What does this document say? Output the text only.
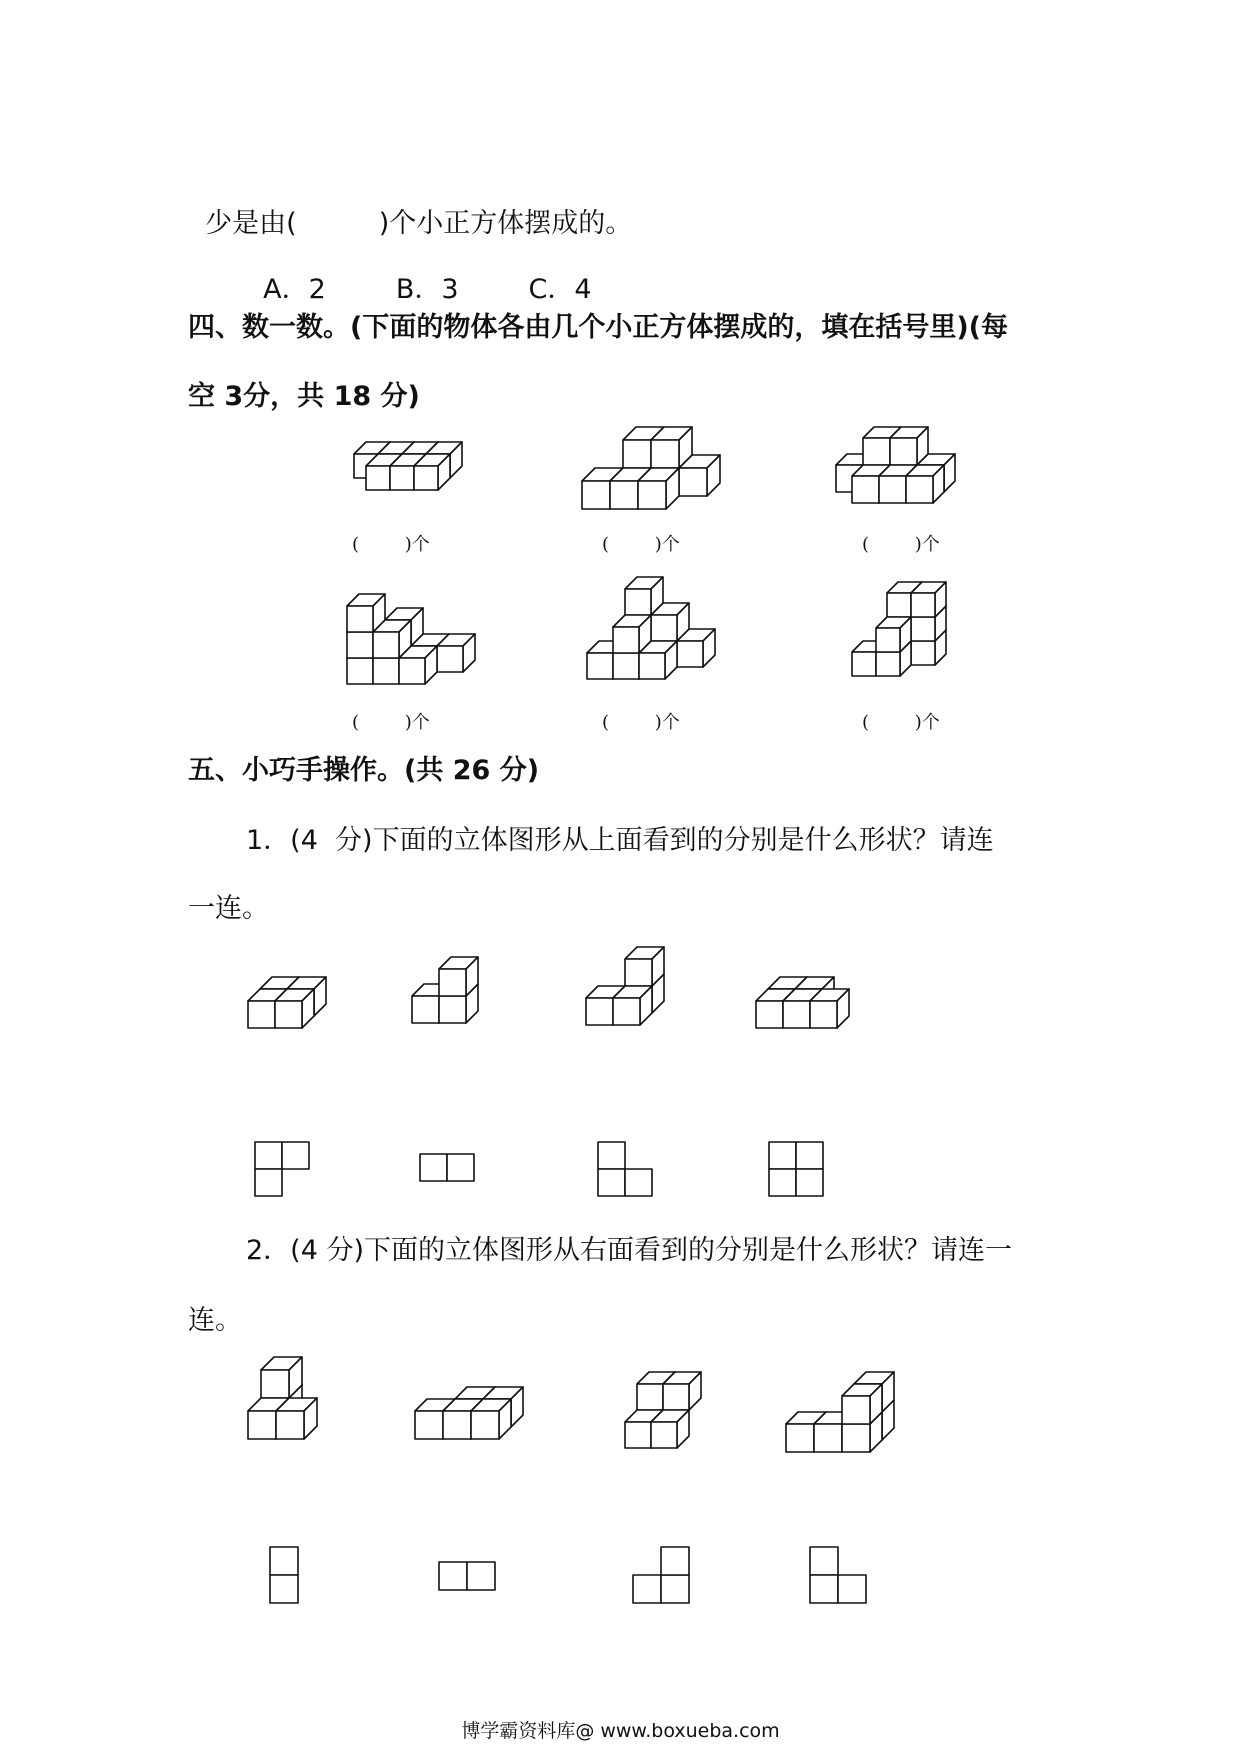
少是由(	)个小正方体摆成的。

A．2	B．3	C．4

四、数一数。(下面的物体各由几个小正方体摆成的，填在括号里)(每
空 3分，共 18 分)
(        )个	(        )个	(        )个
(        )个	(        )个	(        )个
五、小巧手操作。(共 26 分)
1．(4  分)下面的立体图形从上面看到的分别是什么形状？请连
一连。
2．(4 分)下面的立体图形从右面看到的分别是什么形状？请连一
连。
博学霸资料库@ www.boxueba.com
